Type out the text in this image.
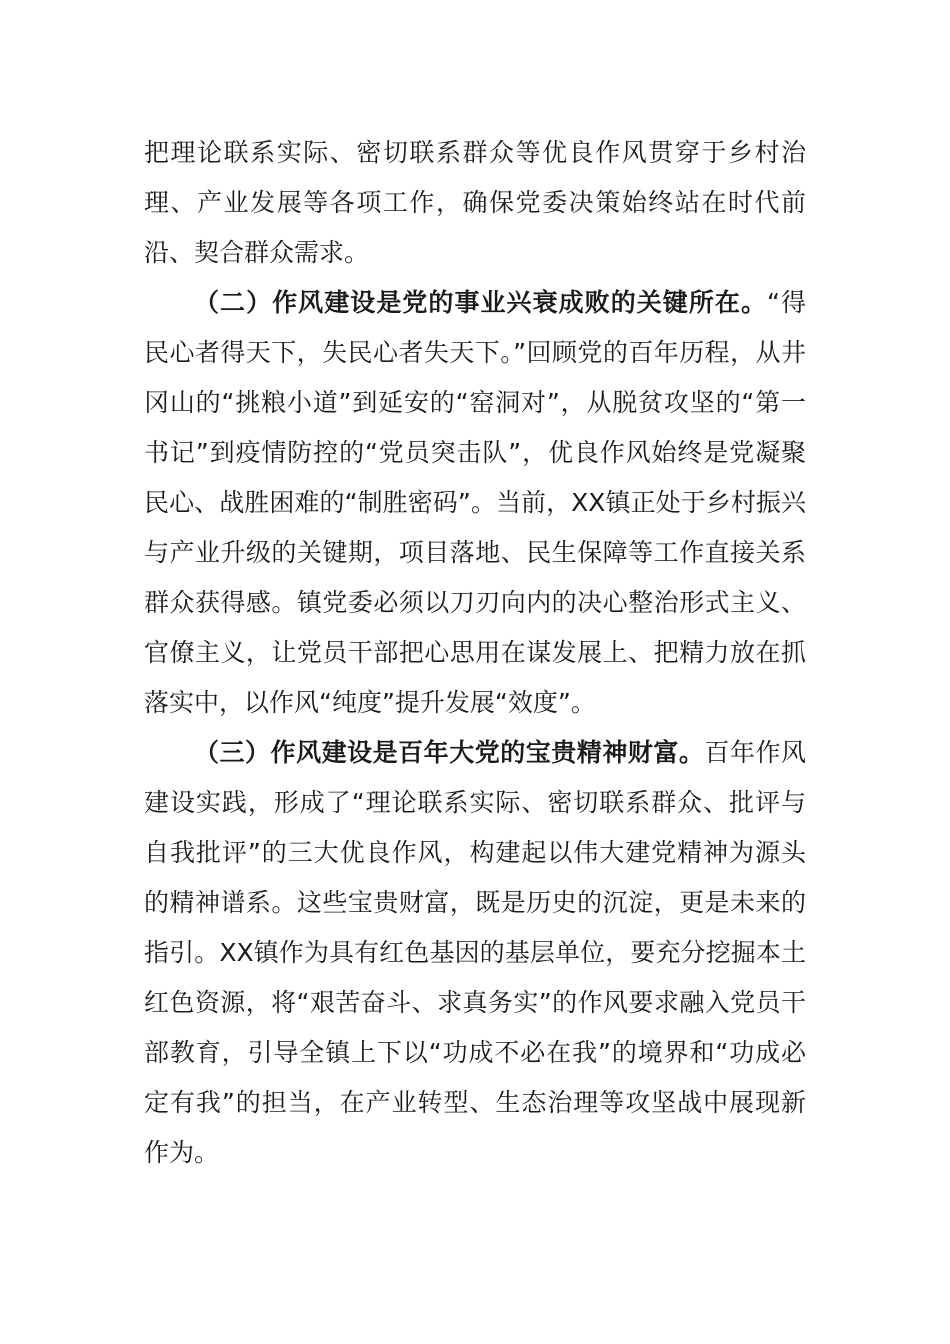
把理论联系实际、密切联系群众等优良作风贯穿于乡村治理、产业发展等各项工作，确保党委决策始终站在时代前沿、契合群众需求。

（二）作风建设是党的事业兴衰成败的关键所在。“得民心者得天下，失民心者失天下。”回顾党的百年历程，从井冈山的“挑粮小道”到延安的“窑洞对”，从脱贫攻坚的“第一书记”到疫情防控的“党员突击队”，优良作风始终是党凝聚民心、战胜困难的“制胜密码”。当前，XX镇正处于乡村振兴与产业升级的关键期，项目落地、民生保障等工作直接关系群众获得感。镇党委必须以刀刃向内的决心整治形式主义、官僚主义，让党员干部把心思用在谋发展上、把精力放在抓落实中，以作风“纯度”提升发展“效度”。

（三）作风建设是百年大党的宝贵精神财富。百年作风建设实践，形成了“理论联系实际、密切联系群众、批评与自我批评”的三大优良作风，构建起以伟大建党精神为源头的精神谱系。这些宝贵财富，既是历史的沉淀，更是未来的指引。XX镇作为具有红色基因的基层单位，要充分挖掘本土红色资源，将“艰苦奋斗、求真务实”的作风要求融入党员干部教育，引导全镇上下以“功成不必在我”的境界和“功成必定有我”的担当，在产业转型、生态治理等攻坚战中展现新作为。
